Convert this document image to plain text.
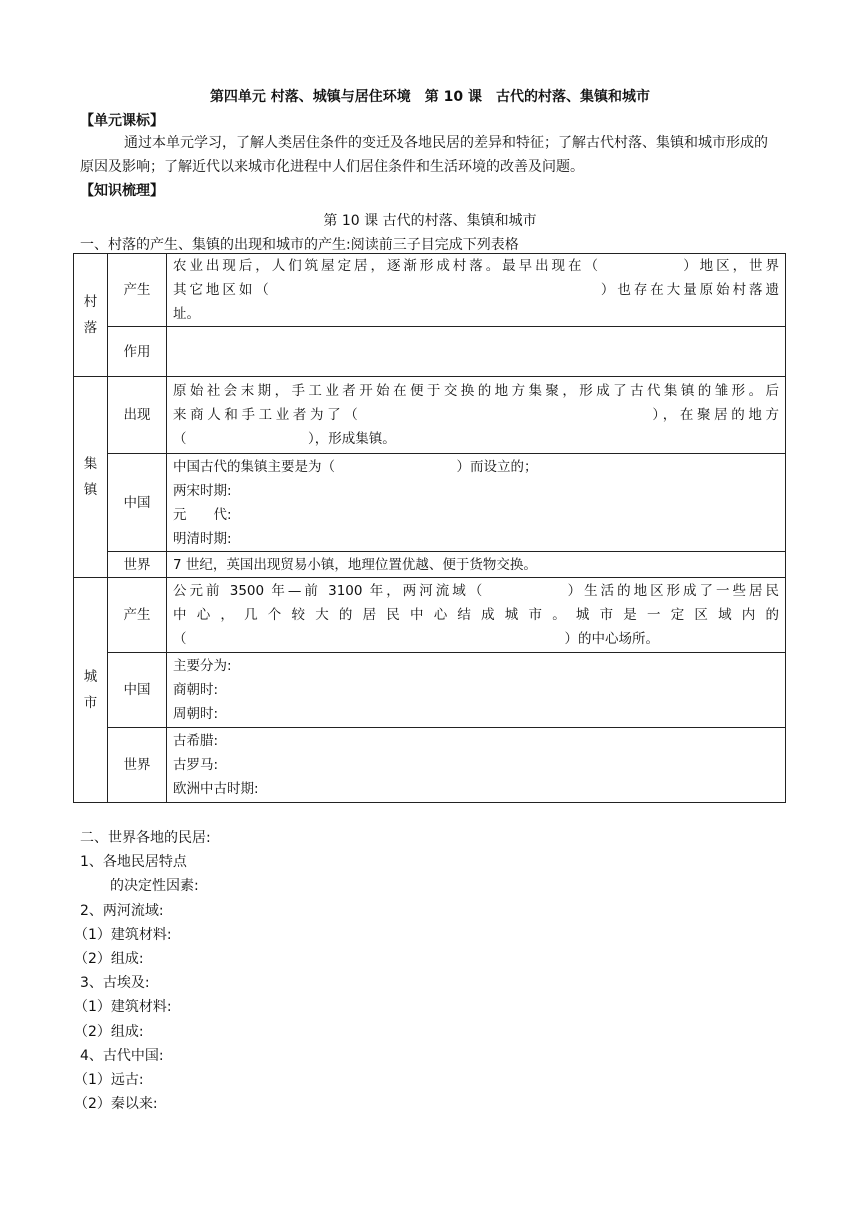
第四单元 村落、城镇与居住环境　第 10 课　古代的村落、集镇和城市
【单元课标】
通过本单元学习，了解人类居住条件的变迁及各地民居的差异和特征；了解古代村落、集镇和城市形成的原因及影响；了解近代以来城市化进程中人们居住条件和生活环境的改善及问题。
【知识梳理】
第 10 课 古代的村落、集镇和城市
一、村落的产生、集镇的出现和城市的产生:阅读前三子目完成下列表格
村
落	产生	农业出现后，人们筑屋定居，逐渐形成村落。最早出现在（　　　　　）地区，世界
其它地区如（　　　　　　　　　　　　　　　　　　　　）也存在大量原始村落遗
址。

	作用	

集
镇	出现	原始社会末期，手工业者开始在便于交换的地方集聚，形成了古代集镇的雏形。后
来商人和手工业者为了（　　　　　　　　　　　　　　　　　），在聚居的地方
（　　　　　　　　　），形成集镇。

	中国	中国古代的集镇主要是为（　　　　　　　　　）而设立的；
两宋时期:
元　　代:
明清时期:

	世界	7 世纪，英国出现贸易小镇，地理位置优越、便于货物交换。

城
市	产生	公元前 3500 年—前 3100 年，两河流域（　　　　　）生活的地区形成了一些居民
中心，几个较大的居民中心结成城市。城市是一定区域内的
（　　　　　　　　　　　　　　　　　　　　　　　　　　　　）的中心场所。

	中国	主要分为:
商朝时:
周朝时:

	世界	古希腊:
古罗马:
欧洲中古时期:
二、世界各地的民居:
1、各地民居特点
的决定性因素:
2、两河流域:
（1）建筑材料:
（2）组成:
3、古埃及:
（1）建筑材料:
（2）组成:
4、古代中国:
（1）远古:
（2）秦以来:
